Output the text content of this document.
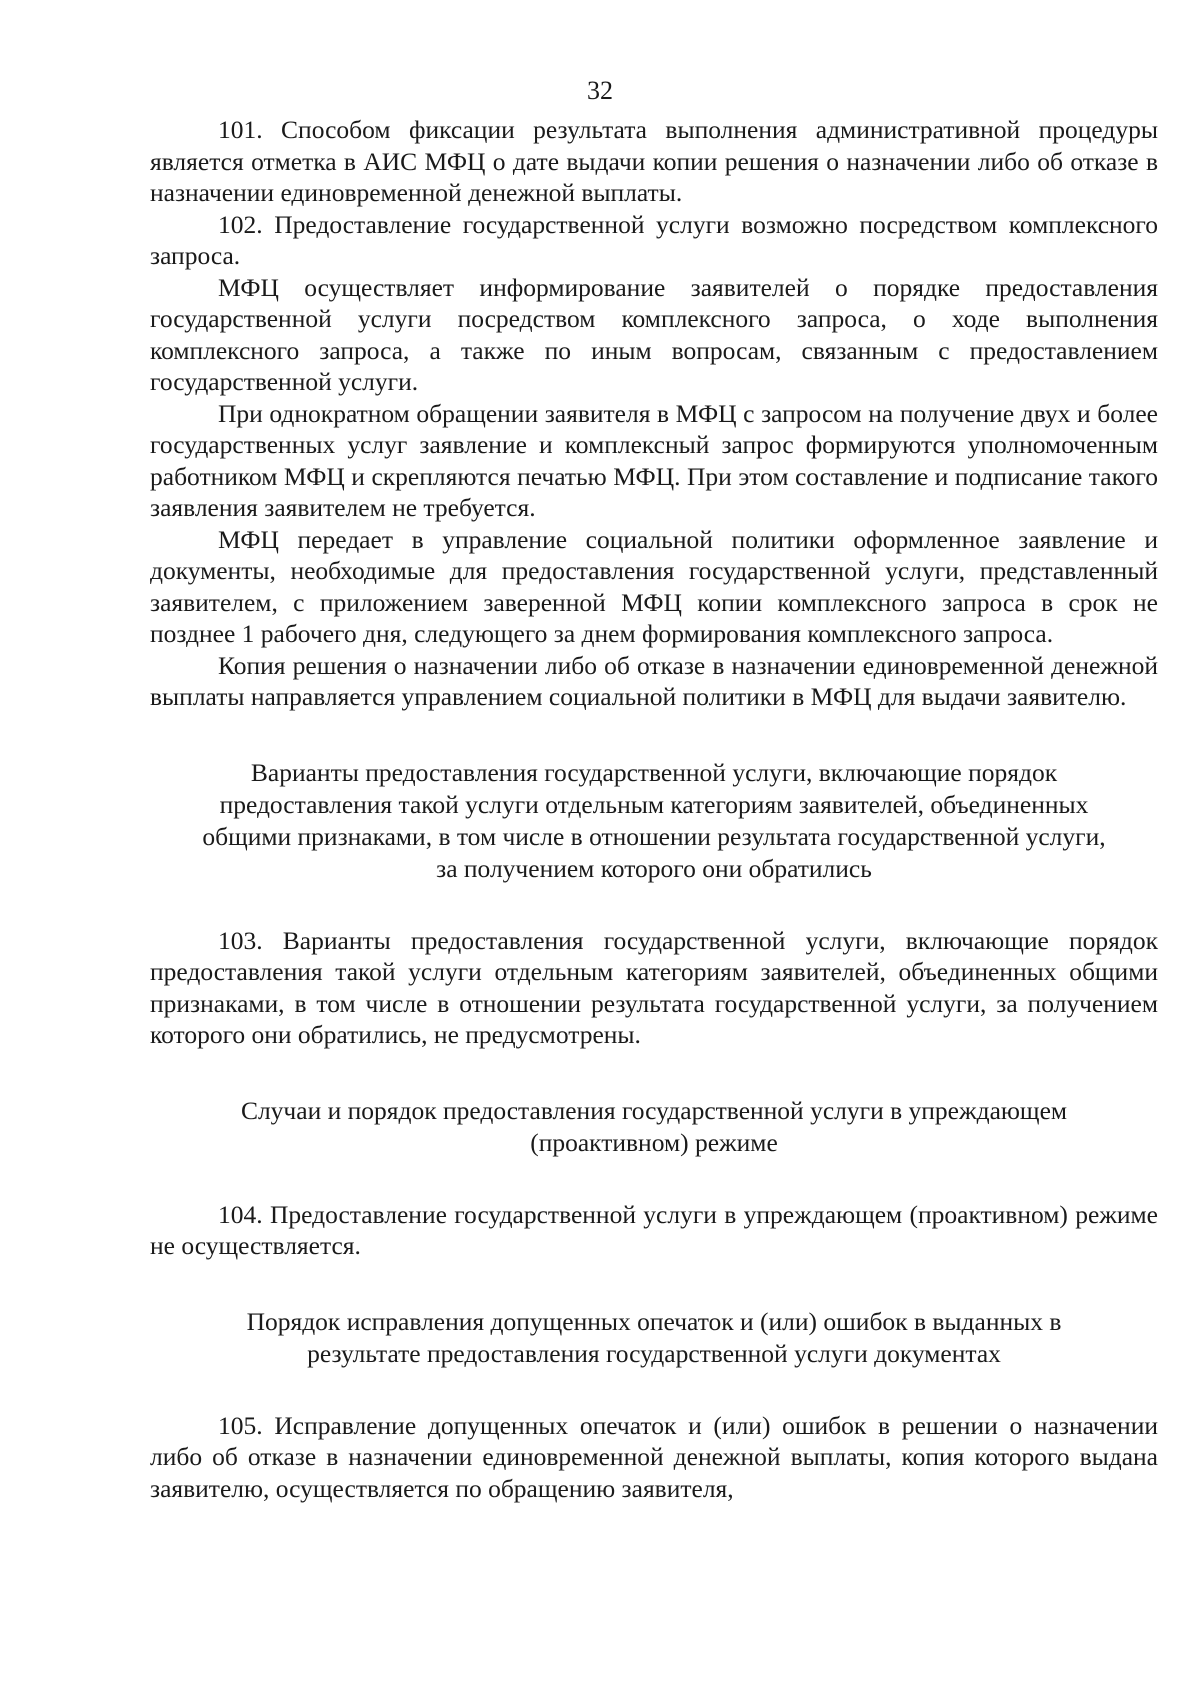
32

101. Способом фиксации результата выполнения административной процедуры является отметка в АИС МФЦ о дате выдачи копии решения о назначении либо об отказе в назначении единовременной денежной выплаты.

102. Предоставление государственной услуги возможно посредством комплексного запроса.

МФЦ осуществляет информирование заявителей о порядке предоставления государственной услуги посредством комплексного запроса, о ходе выполнения комплексного запроса, а также по иным вопросам, связанным с предоставлением государственной услуги.

При однократном обращении заявителя в МФЦ с запросом на получение двух и более государственных услуг заявление и комплексный запрос формируются уполномоченным работником МФЦ и скрепляются печатью МФЦ. При этом составление и подписание такого заявления заявителем не требуется.

МФЦ передает в управление социальной политики оформленное заявление и документы, необходимые для предоставления государственной услуги, представленный заявителем, с приложением заверенной МФЦ копии комплексного запроса в срок не позднее 1 рабочего дня, следующего за днем формирования комплексного запроса.

Копия решения о назначении либо об отказе в назначении единовременной денежной выплаты направляется управлением социальной политики в МФЦ для выдачи заявителю.

Варианты предоставления государственной услуги, включающие порядок предоставления такой услуги отдельным категориям заявителей, объединенных общими признаками, в том числе в отношении результата государственной услуги, за получением которого они обратились

103. Варианты предоставления государственной услуги, включающие порядок предоставления такой услуги отдельным категориям заявителей, объединенных общими признаками, в том числе в отношении результата государственной услуги, за получением которого они обратились, не предусмотрены.

Случаи и порядок предоставления государственной услуги в упреждающем (проактивном) режиме

104. Предоставление государственной услуги в упреждающем (проактивном) режиме не осуществляется.

Порядок исправления допущенных опечаток и (или) ошибок в выданных в результате предоставления государственной услуги документах

105. Исправление допущенных опечаток и (или) ошибок в решении о назначении либо об отказе в назначении единовременной денежной выплаты, копия которого выдана заявителю, осуществляется по обращению заявителя,
